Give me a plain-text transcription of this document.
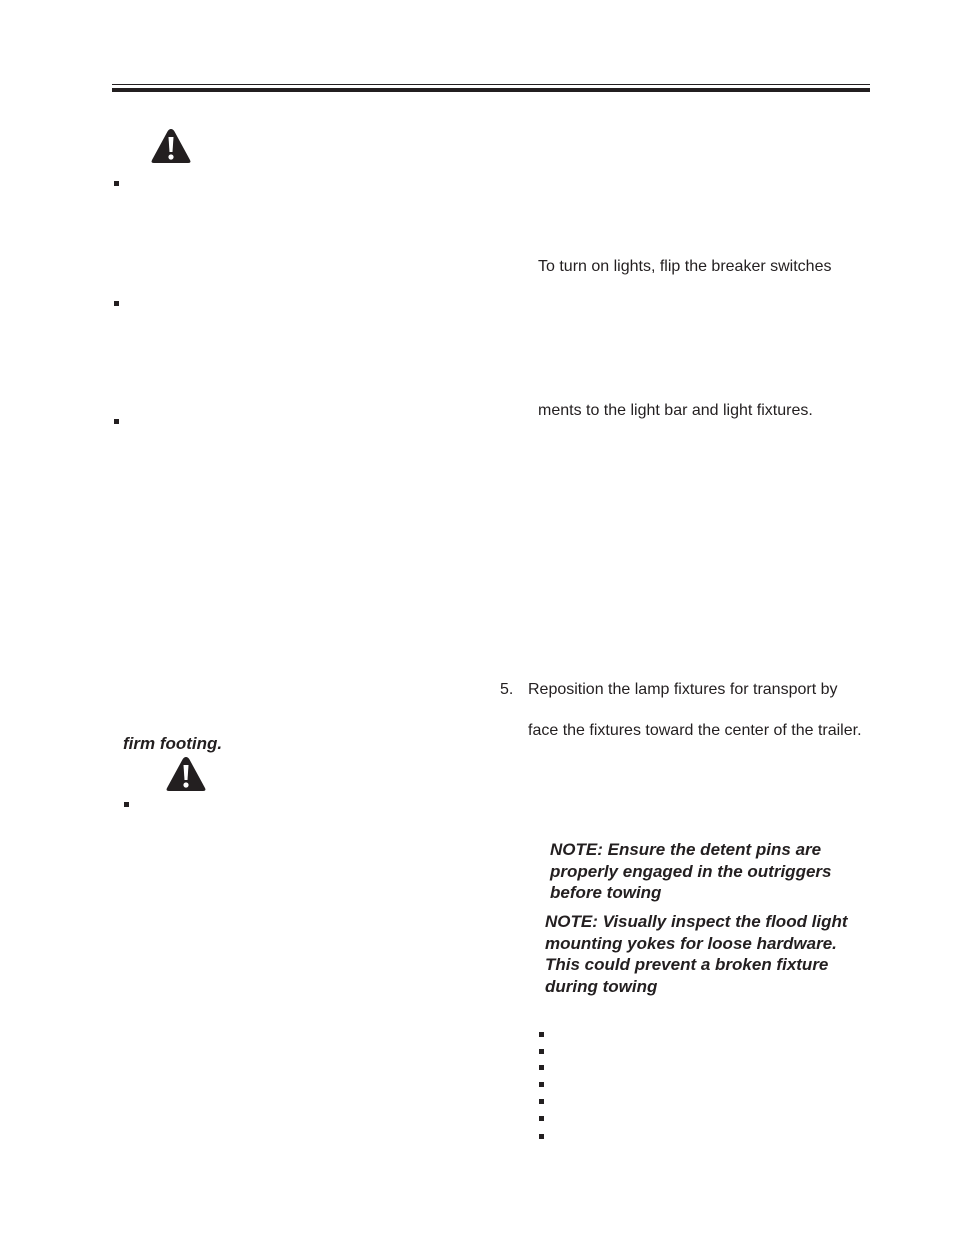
firm footing.
To turn on lights, flip the breaker switches
ments to the light bar and light fixtures.
5. Reposition the lamp fixtures for transport by
face the fixtures toward the center of the trailer.
NOTE: Ensure the detent pins are
properly engaged in the outriggers
before towing
NOTE: Visually inspect the flood light
mounting yokes for loose hardware.
This could prevent a broken fixture
during towing
